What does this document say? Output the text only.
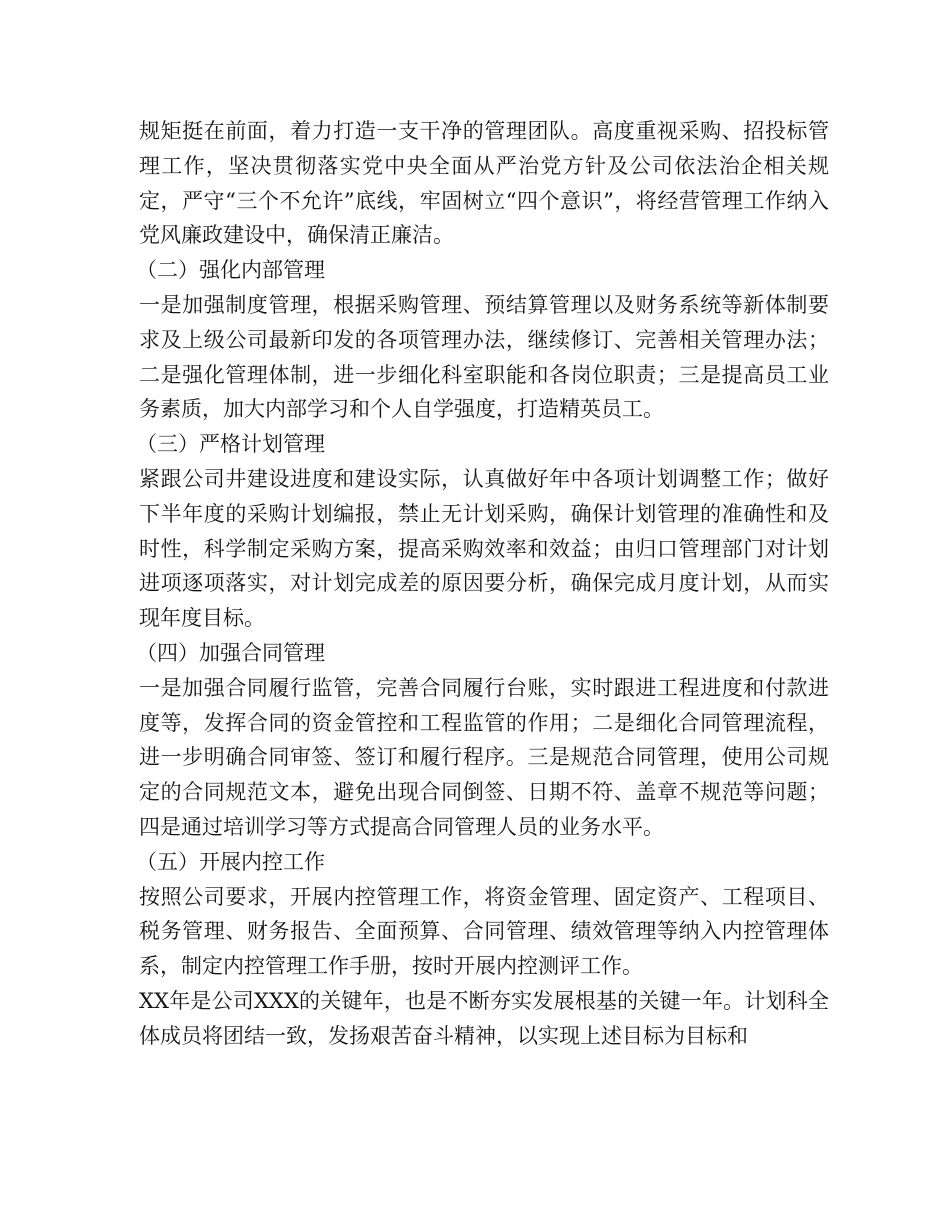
规矩挺在前面，着力打造一支干净的管理团队。高度重视采购、招投标管理工作，坚决贯彻落实党中央全面从严治党方针及公司依法治企相关规定，严守“三个不允许”底线，牢固树立“四个意识”，将经营管理工作纳入党风廉政建设中，确保清正廉洁。

（二）强化内部管理

一是加强制度管理，根据采购管理、预结算管理以及财务系统等新体制要求及上级公司最新印发的各项管理办法，继续修订、完善相关管理办法；二是强化管理体制，进一步细化科室职能和各岗位职责；三是提高员工业务素质，加大内部学习和个人自学强度，打造精英员工。

（三）严格计划管理

紧跟公司井建设进度和建设实际，认真做好年中各项计划调整工作；做好下半年度的采购计划编报，禁止无计划采购，确保计划管理的准确性和及时性，科学制定采购方案，提高采购效率和效益；由归口管理部门对计划进项逐项落实，对计划完成差的原因要分析，确保完成月度计划，从而实现年度目标。

（四）加强合同管理

一是加强合同履行监管，完善合同履行台账，实时跟进工程进度和付款进度等，发挥合同的资金管控和工程监管的作用；二是细化合同管理流程，进一步明确合同审签、签订和履行程序。三是规范合同管理，使用公司规定的合同规范文本，避免出现合同倒签、日期不符、盖章不规范等问题；四是通过培训学习等方式提高合同管理人员的业务水平。

（五）开展内控工作

按照公司要求，开展内控管理工作，将资金管理、固定资产、工程项目、税务管理、财务报告、全面预算、合同管理、绩效管理等纳入内控管理体系，制定内控管理工作手册，按时开展内控测评工作。

XX年是公司XXX的关键年，也是不断夯实发展根基的关键一年。计划科全体成员将团结一致，发扬艰苦奋斗精神，以实现上述目标为目标和
